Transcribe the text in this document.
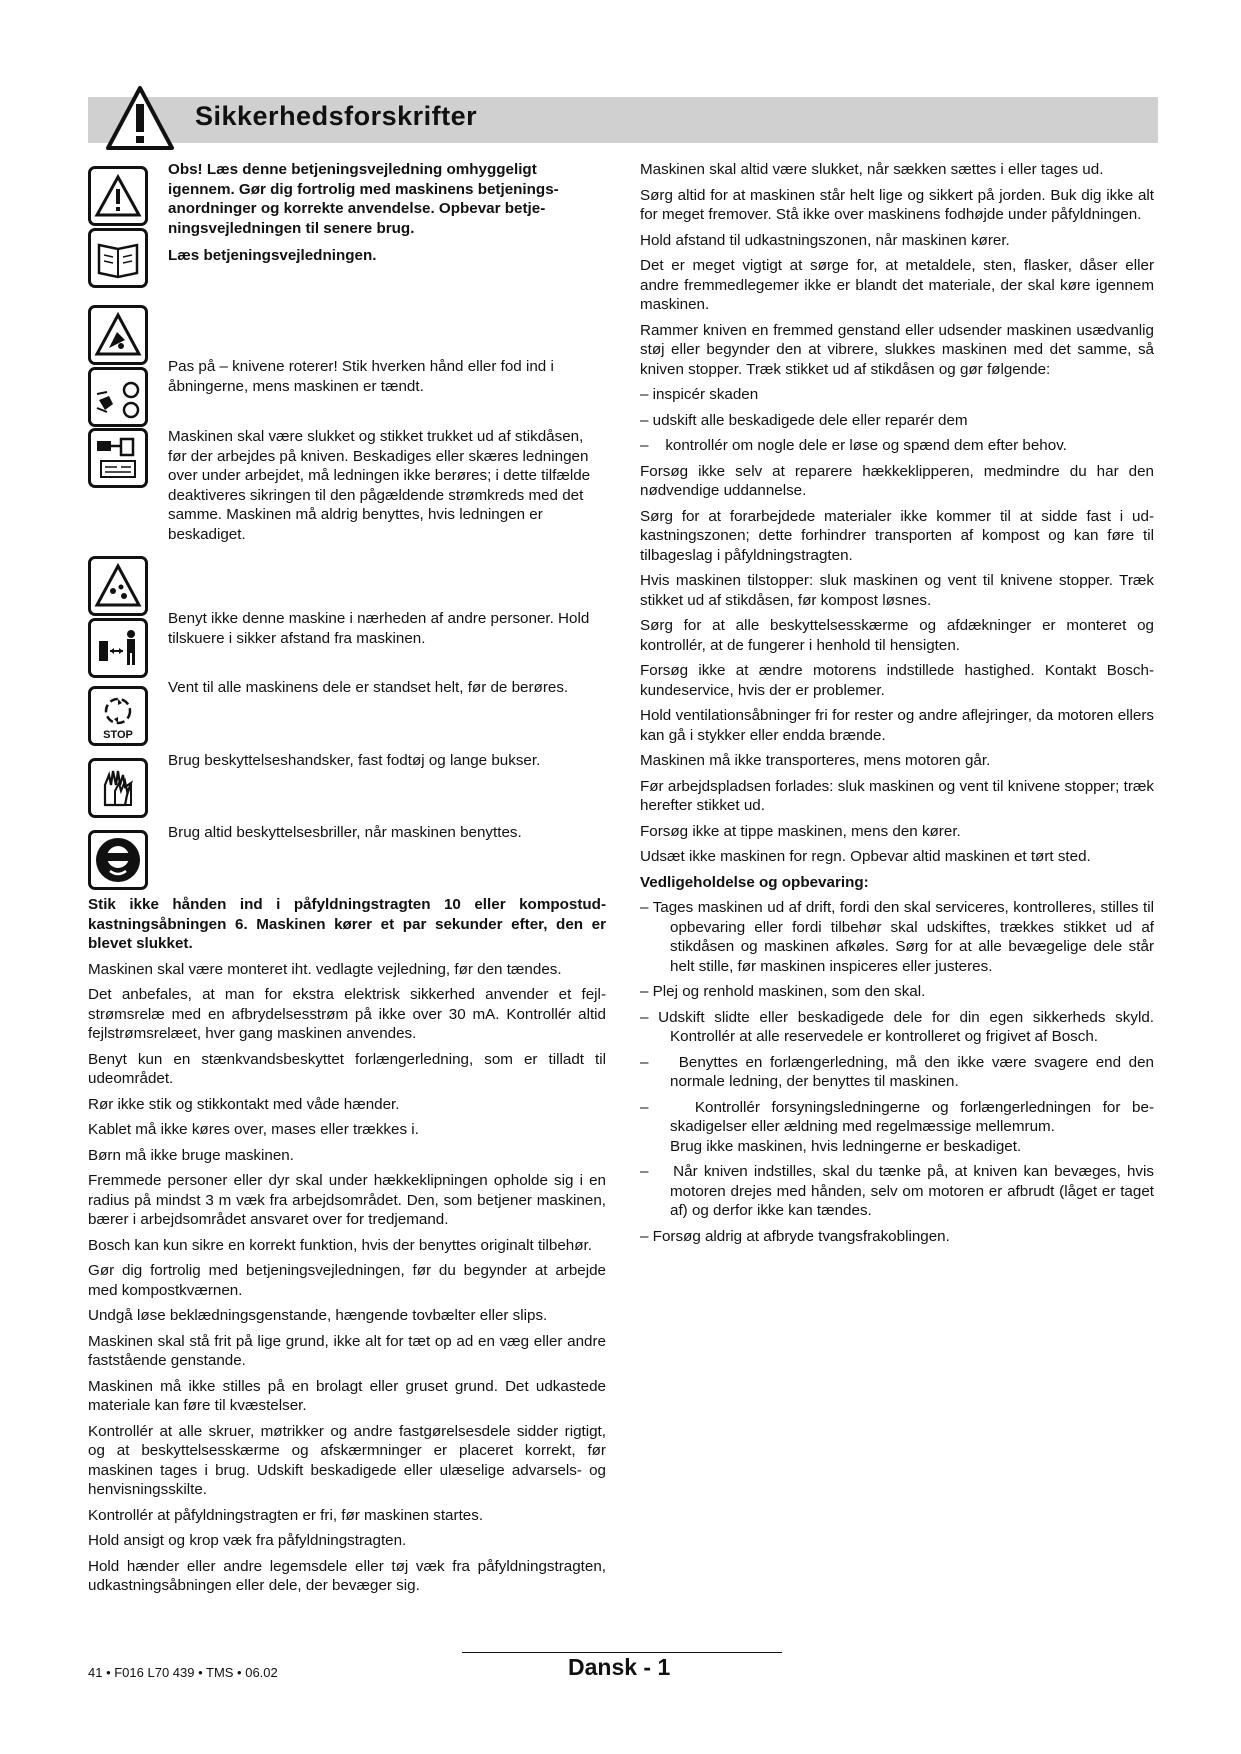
Sikkerhedsforskrifter
STOP
Obs! Læs denne betjeningsvejledning omhyggeligt igennem. Gør dig fortrolig med maskinens betjeningsanordninger og korrekte anvendelse. Opbevar betjeningsvejledningen til senere brug.
Læs betjeningsvejledningen.
Pas på – knivene roterer! Stik hverken hånd eller fod ind i åbningerne, mens maskinen er tændt.
Maskinen skal være slukket og stikket trukket ud af stikdåsen, før der arbejdes på kniven. Beskadiges eller skæres ledningen over under arbejdet, må ledningen ikke berøres; i dette tilfælde deaktiveres sikringen til den pågældende strømkreds med det samme. Maskinen må aldrig benyttes, hvis ledningen er beskadiget.
Benyt ikke denne maskine i nærheden af andre personer. Hold tilskuere i sikker afstand fra maskinen.
Vent til alle maskinens dele er standset helt, før de berøres.
Brug beskyttelseshandsker, fast fodtøj og lange bukser.
Brug altid beskyttelsesbriller, når maskinen benyttes.

Stik ikke hånden ind i påfyldningstragten 10 eller kompostudkastningsåbningen 6. Maskinen kører et par sekunder efter, den er blevet slukket.

Maskinen skal være monteret iht. vedlagte vejledning, før den tændes.

Det anbefales, at man for ekstra elektrisk sikkerhed anvender et fejlstrømsrelæ med en afbrydelsesstrøm på ikke over 30 mA. Kontrollér altid fejlstrømsrelæet, hver gang maskinen anvendes.

Benyt kun en stænkvandsbeskyttet forlængerledning, som er tilladt til udeområdet.

Rør ikke stik og stikkontakt med våde hænder.

Kablet må ikke køres over, mases eller trækkes i.

Børn må ikke bruge maskinen.

Fremmede personer eller dyr skal under hækkeklipningen opholde sig i en radius på mindst 3 m væk fra arbejdsområdet. Den, som betjener maskinen, bærer i arbejdsområdet ansvaret over for tredjemand.

Bosch kan kun sikre en korrekt funktion, hvis der benyttes originalt tilbehør.

Gør dig fortrolig med betjeningsvejledningen, før du begynder at arbejde med kompostkværnen.

Undgå løse beklædningsgenstande, hængende tovbælter eller slips.

Maskinen skal stå frit på lige grund, ikke alt for tæt op ad en væg eller andre faststående genstande.

Maskinen må ikke stilles på en brolagt eller gruset grund. Det udkastede materiale kan føre til kvæstelser.

Kontrollér at alle skruer, møtrikker og andre fastgørelsesdele sidder rigtigt, og at beskyttelsesskærme og afskærmninger er placeret korrekt, før maskinen tages i brug. Udskift beskadigede eller ulæselige advarsels- og henvisningsskilte.

Kontrollér at påfyldningstragten er fri, før maskinen startes.

Hold ansigt og krop væk fra påfyldningstragten.

Hold hænder eller andre legemsdele eller tøj væk fra påfyldningstragten, udkastningsåbningen eller dele, der bevæger sig.

Maskinen skal altid være slukket, når sækken sættes i eller tages ud.

Sørg altid for at maskinen står helt lige og sikkert på jorden. Buk dig ikke alt for meget fremover. Stå ikke over maskinens fodhøjde under påfyldningen.

Hold afstand til udkastningszonen, når maskinen kører.

Det er meget vigtigt at sørge for, at metaldele, sten, flasker, dåser eller andre fremmedlegemer ikke er blandt det materiale, der skal køre igennem maskinen.

Rammer kniven en fremmed genstand eller udsender maskinen usædvanlig støj eller begynder den at vibrere, slukkes maskinen med det samme, så kniven stopper. Træk stikket ud af stikdåsen og gør følgende:

– inspicér skaden

– udskift alle beskadigede dele eller reparér dem

–    kontrollér om nogle dele er løse og spænd dem efter behov.

Forsøg ikke selv at reparere hækkeklipperen, medmindre du har den nødvendige uddannelse.

Sørg for at forarbejdede materialer ikke kommer til at sidde fast i udkastningszonen; dette forhindrer transporten af kompost og kan føre til tilbageslag i påfyldningstragten.

Hvis maskinen tilstopper: sluk maskinen og vent til knivene stopper. Træk stikket ud af stikdåsen, før kompost løsnes.

Sørg for at alle beskyttelsesskærme og afdækninger er monteret og kontrollér, at de fungerer i henhold til hensigten.

Forsøg ikke at ændre motorens indstillede hastighed. Kontakt Boschkundeservice, hvis der er problemer.

Hold ventilationsåbninger fri for rester og andre aflejringer, da motoren ellers kan gå i stykker eller endda brænde.

Maskinen må ikke transporteres, mens motoren går.

Før arbejdspladsen forlades: sluk maskinen og vent til knivene stopper; træk herefter stikket ud.

Forsøg ikke at tippe maskinen, mens den kører.

Udsæt ikke maskinen for regn. Opbevar altid maskinen et tørt sted.

Vedligeholdelse og opbevaring:

– Tages maskinen ud af drift, fordi den skal serviceres, kontrolleres, stilles til opbevaring eller fordi tilbehør skal udskiftes, trækkes stikket ud af stikdåsen og maskinen afkøles. Sørg for at alle bevægelige dele står helt stille, før maskinen inspiceres eller justeres.

– Plej og renhold maskinen, som den skal.

– Udskift slidte eller beskadigede dele for din egen sikkerheds skyld. Kontrollér at alle reservedele er kontrolleret og frigivet af Bosch.

–    Benyttes en forlængerledning, må den ikke være svagere end den normale ledning, der benyttes til maskinen.

–    Kontrollér forsyningsledningerne og forlængerledningen for beskadigelser eller ældning med regelmæssige mellemrum.

Brug ikke maskinen, hvis ledningerne er beskadiget.

–    Når kniven indstilles, skal du tænke på, at kniven kan bevæges, hvis motoren drejes med hånden, selv om motoren er afbrudt (låget er taget af) og derfor ikke kan tændes.

– Forsøg aldrig at afbryde tvangsfrakoblingen.

41 • F016 L70 439 • TMS • 06.02	Dansk - 1
